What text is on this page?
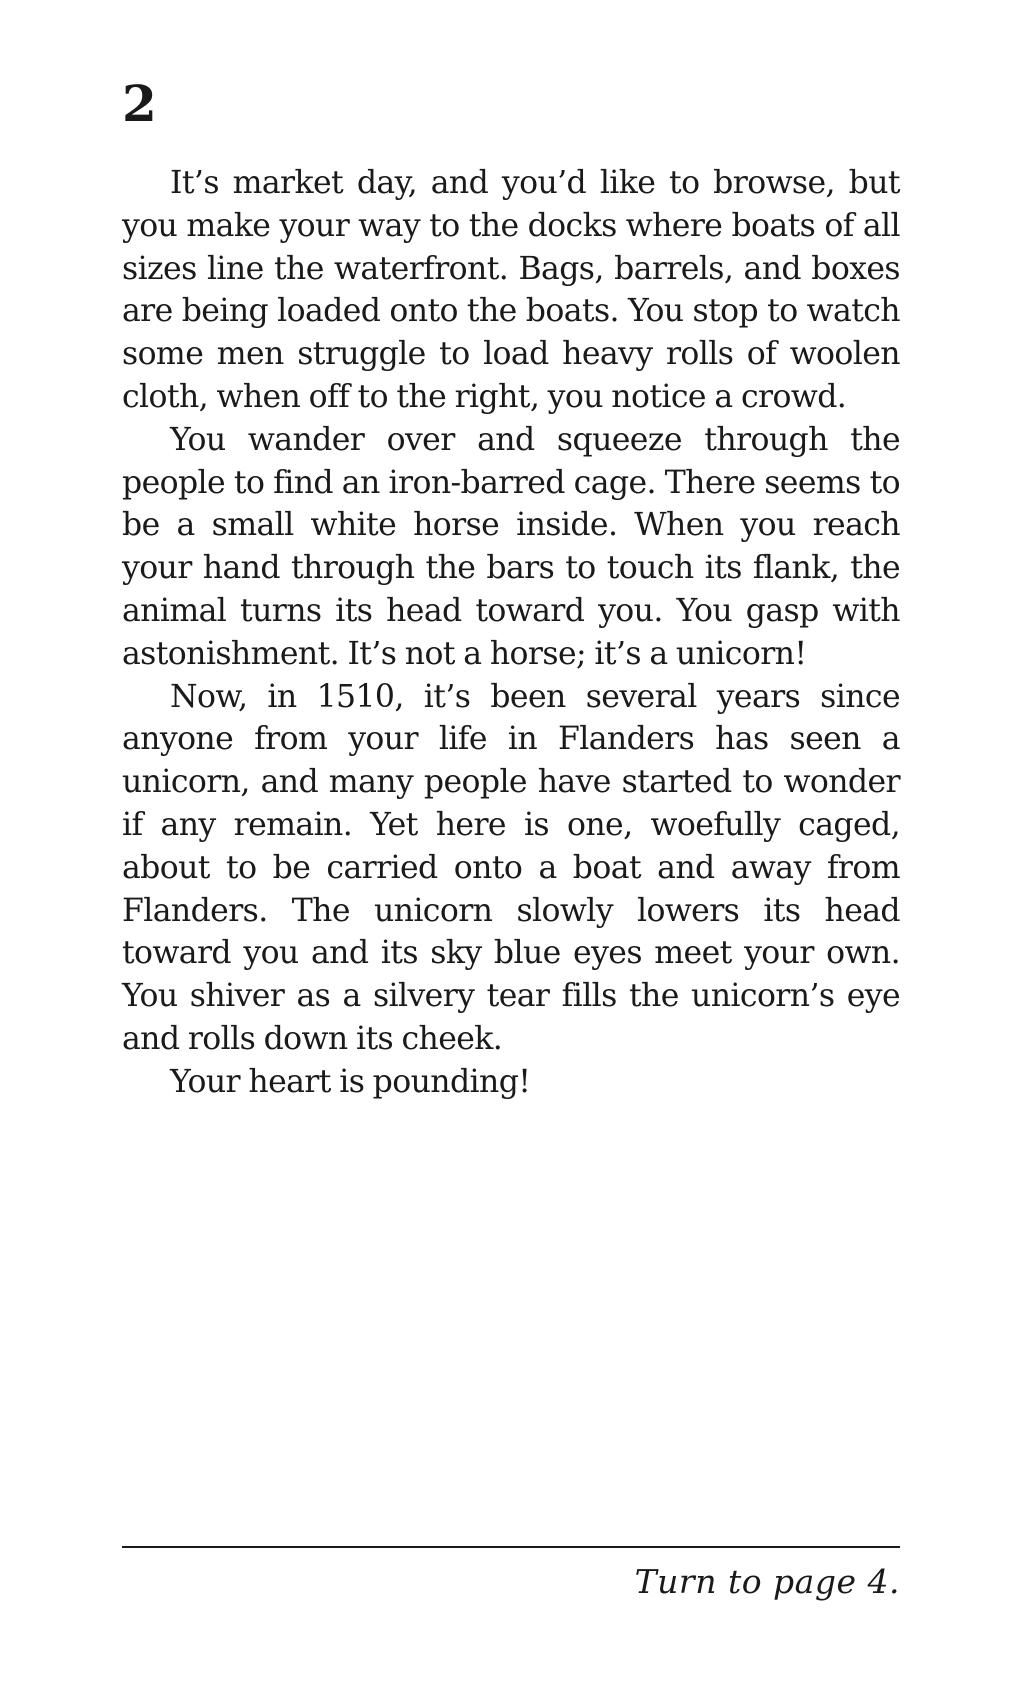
2

It’s market day, and you’d like to browse, but you make your way to the docks where boats of all sizes line the waterfront. Bags, barrels, and boxes are being loaded onto the boats. You stop to watch some men struggle to load heavy rolls of woolen cloth, when off to the right, you notice a crowd.

You wander over and squeeze through the people to find an iron-barred cage. There seems to be a small white horse inside. When you reach your hand through the bars to touch its flank, the animal turns its head toward you. You gasp with astonishment. It’s not a horse; it’s a unicorn!

Now, in 1510, it’s been several years since anyone from your life in Flanders has seen a unicorn, and many people have started to wonder if any remain. Yet here is one, woefully caged, about to be carried onto a boat and away from Flanders. The unicorn slowly lowers its head toward you and its sky blue eyes meet your own. You shiver as a silvery tear fills the unicorn’s eye and rolls down its cheek.

Your heart is pounding!

Turn to page 4.
